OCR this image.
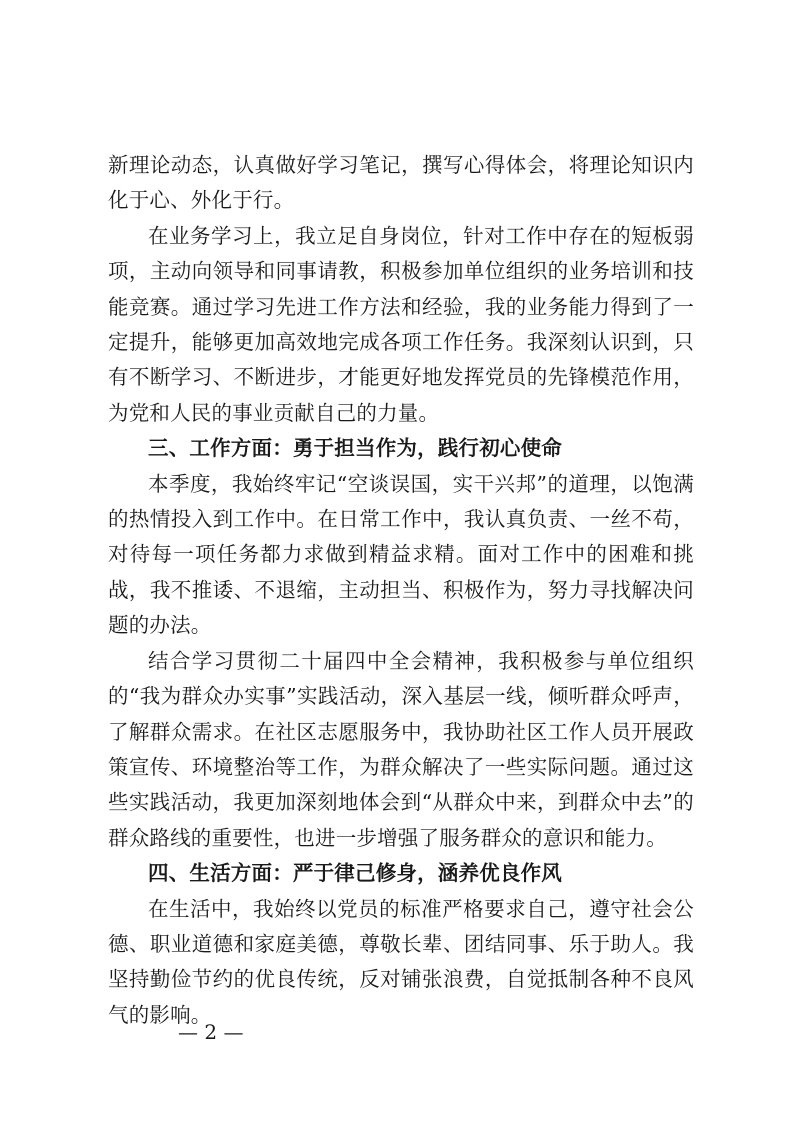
新理论动态，认真做好学习笔记，撰写心得体会，将理论知识内化于心、外化于行。

在业务学习上，我立足自身岗位，针对工作中存在的短板弱项，主动向领导和同事请教，积极参加单位组织的业务培训和技能竞赛。通过学习先进工作方法和经验，我的业务能力得到了一定提升，能够更加高效地完成各项工作任务。我深刻认识到，只有不断学习、不断进步，才能更好地发挥党员的先锋模范作用，为党和人民的事业贡献自己的力量。

三、工作方面：勇于担当作为，践行初心使命

本季度，我始终牢记“空谈误国，实干兴邦”的道理，以饱满的热情投入到工作中。在日常工作中，我认真负责、一丝不苟，对待每一项任务都力求做到精益求精。面对工作中的困难和挑战，我不推诿、不退缩，主动担当、积极作为，努力寻找解决问题的办法。

结合学习贯彻二十届四中全会精神，我积极参与单位组织的“我为群众办实事”实践活动，深入基层一线，倾听群众呼声，了解群众需求。在社区志愿服务中，我协助社区工作人员开展政策宣传、环境整治等工作，为群众解决了一些实际问题。通过这些实践活动，我更加深刻地体会到“从群众中来，到群众中去”的群众路线的重要性，也进一步增强了服务群众的意识和能力。

四、生活方面：严于律己修身，涵养优良作风

在生活中，我始终以党员的标准严格要求自己，遵守社会公德、职业道德和家庭美德，尊敬长辈、团结同事、乐于助人。我坚持勤俭节约的优良传统，反对铺张浪费，自觉抵制各种不良风气的影响。

— 2 —
